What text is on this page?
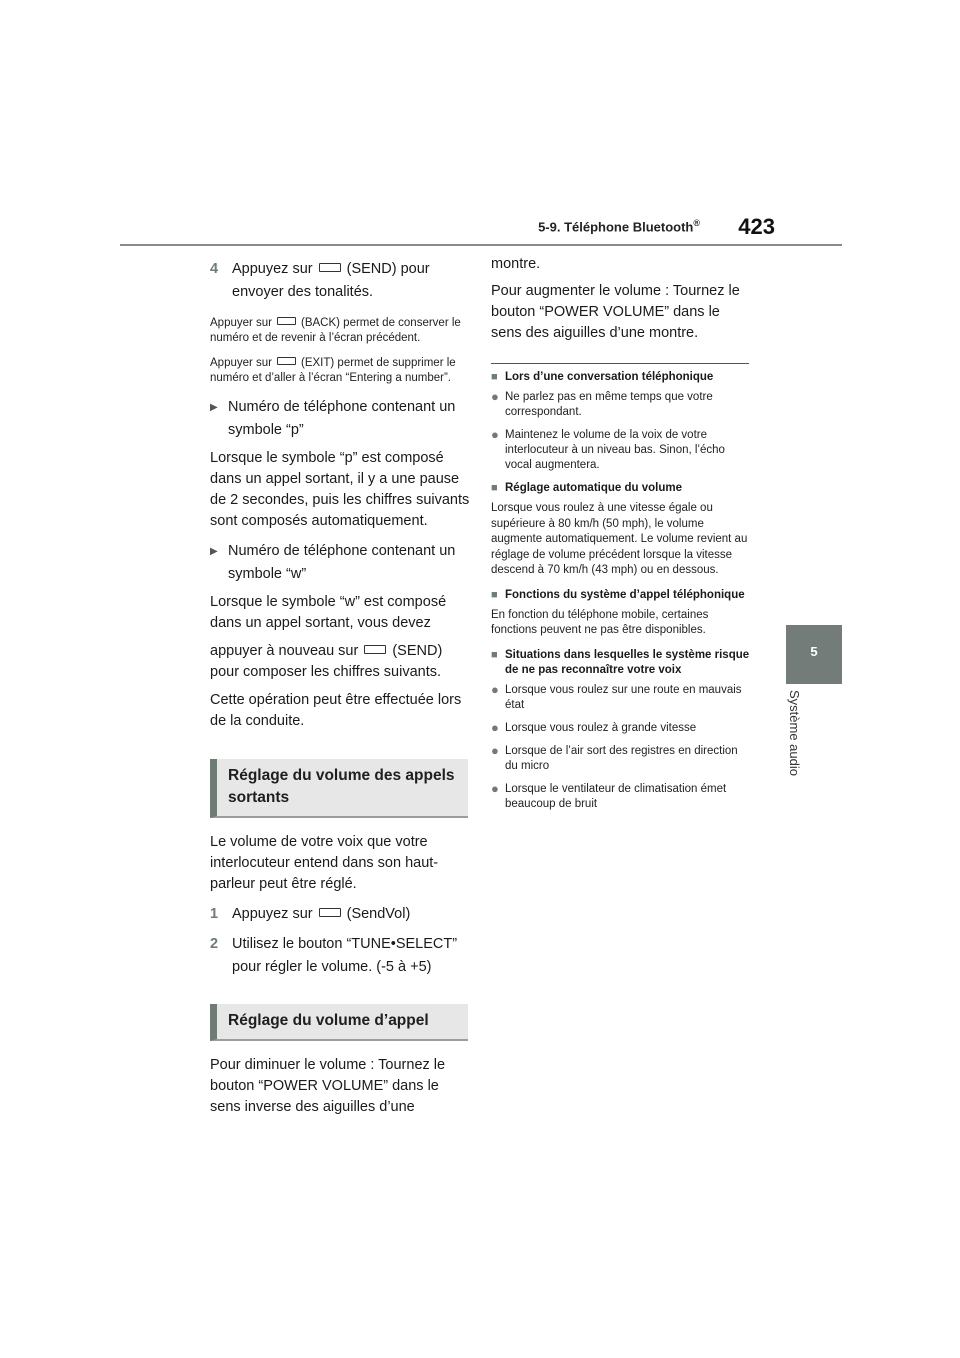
5-9. Téléphone Bluetooth®	423
5
Système audio
4 Appuyez sur (SEND) pour envoyer des tonalités.

Appuyer sur	(BACK) permet de conserver le numéro et de revenir à l’écran précédent.

Appuyer sur	(EXIT) permet de supprimer le numéro et d’aller à l’écran “Entering a number”.

▶ Numéro de téléphone contenant un symbole “p”

Lorsque le symbole “p” est composé dans un appel sortant, il y a une pause de 2 secondes, puis les chiffres suivants sont composés automatiquement.

▶ Numéro de téléphone contenant un symbole “w”

Lorsque le symbole “w” est composé dans un appel sortant, vous devez

appuyer à nouveau sur (SEND) pour composer les chiffres suivants.

Cette opération peut être effectuée lors de la conduite.

Réglage du volume des appels sortants

Le volume de votre voix que votre interlocuteur entend dans son haut-parleur peut être réglé.

1 Appuyez sur (SendVol)
2 Utilisez le bouton “TUNE•SELECT” pour régler le volume. (-5 à +5)
Réglage du volume d’appel

Pour diminuer le volume : Tournez le bouton “POWER VOLUME” dans le sens inverse des aiguilles d’une

montre.

Pour augmenter le volume : Tournez le bouton “POWER VOLUME” dans le sens des aiguilles d’une montre.

■ Lors d’une conversation téléphonique
● Ne parlez pas en même temps que votre correspondant.
● Maintenez le volume de la voix de votre interlocuteur à un niveau bas. Sinon, l’écho vocal augmentera.
■ Réglage automatique du volume

Lorsque vous roulez à une vitesse égale ou supérieure à 80 km/h (50 mph), le volume augmente automatiquement. Le volume revient au réglage de volume précédent lorsque la vitesse descend à 70 km/h (43 mph) ou en dessous.

■ Fonctions du système d’appel téléphonique

En fonction du téléphone mobile, certaines fonctions peuvent ne pas être disponibles.

■ Situations dans lesquelles le système risque de ne pas reconnaître votre voix
● Lorsque vous roulez sur une route en mauvais état
● Lorsque vous roulez à grande vitesse
● Lorsque de l’air sort des registres en direction du micro
● Lorsque le ventilateur de climatisation émet beaucoup de bruit
